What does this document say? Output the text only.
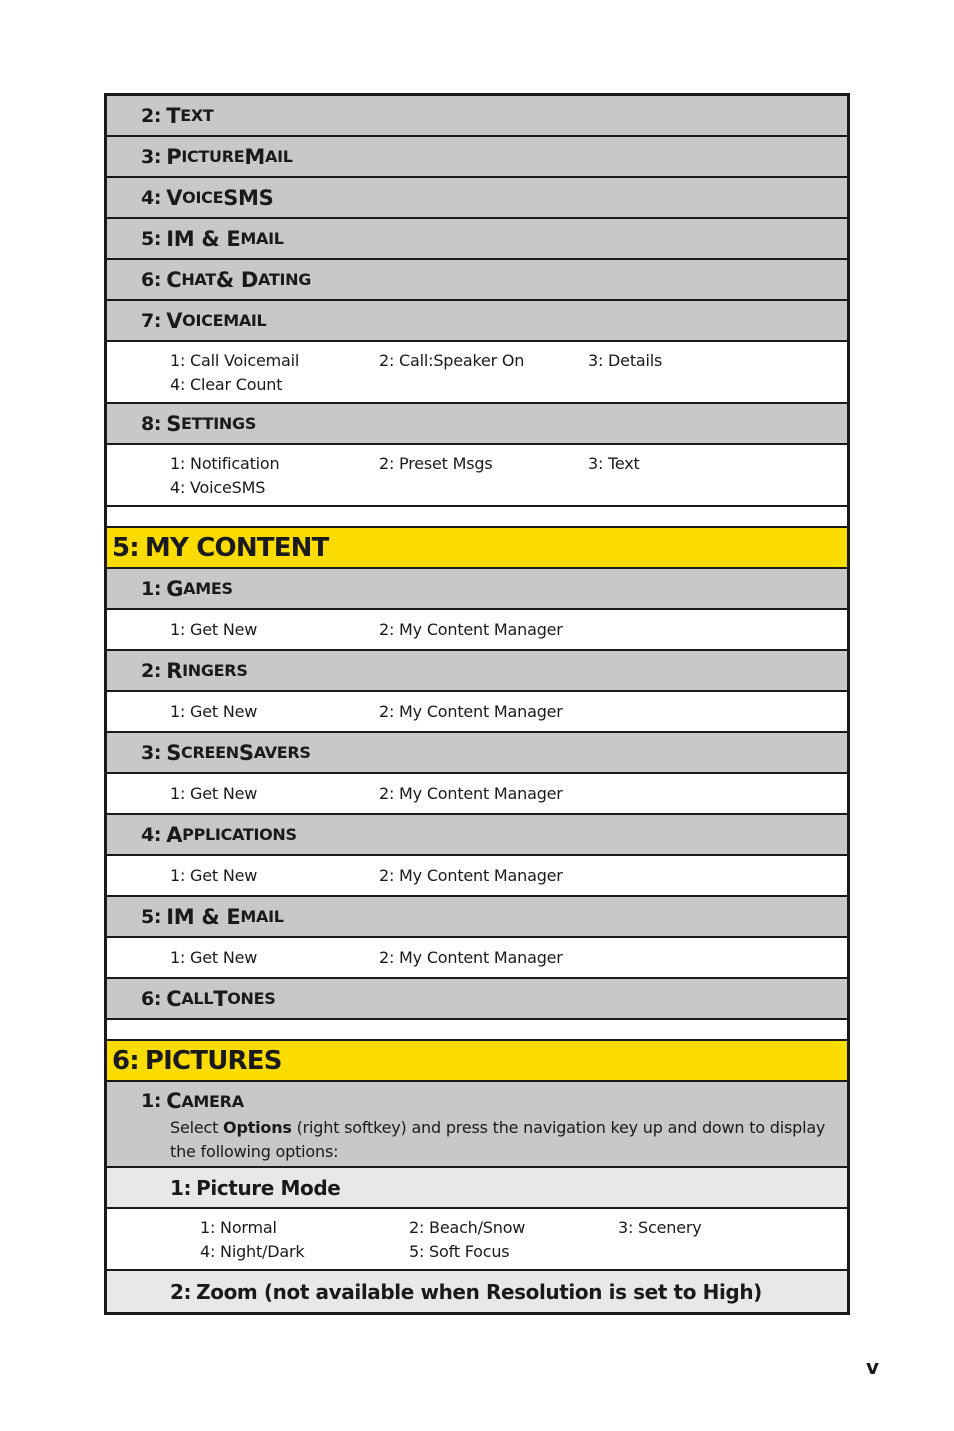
2: T EXT
3: P ICTURE M AIL
4: V OICE SMS
5: IM & E MAIL
6: C HAT & D ATING
7: V OICEMAIL
1: Call Voicemail	2: Call:Speaker On	3: Details
4: Clear Count
8: S ETTINGS
1: Notification	2: Preset Msgs	3: Text
4: VoiceSMS
5: MY CONTENT
1: G AMES
1: Get New	2: My Content Manager
2: R INGERS
1: Get New	2: My Content Manager
3: S CREEN S AVERS
1: Get New	2: My Content Manager
4: A PPLICATIONS
1: Get New	2: My Content Manager
5: IM & E MAIL
1: Get New	2: My Content Manager
6: C ALL T ONES
6: PICTURES
1: C AMERA
Select Options (right softkey) and press the navigation key up and down to display the following options:
1: Picture Mode
1: Normal	2: Beach/Snow	3: Scenery
4: Night/Dark	5: Soft Focus
2: Zoom (not available when Resolution is set to High)
v
